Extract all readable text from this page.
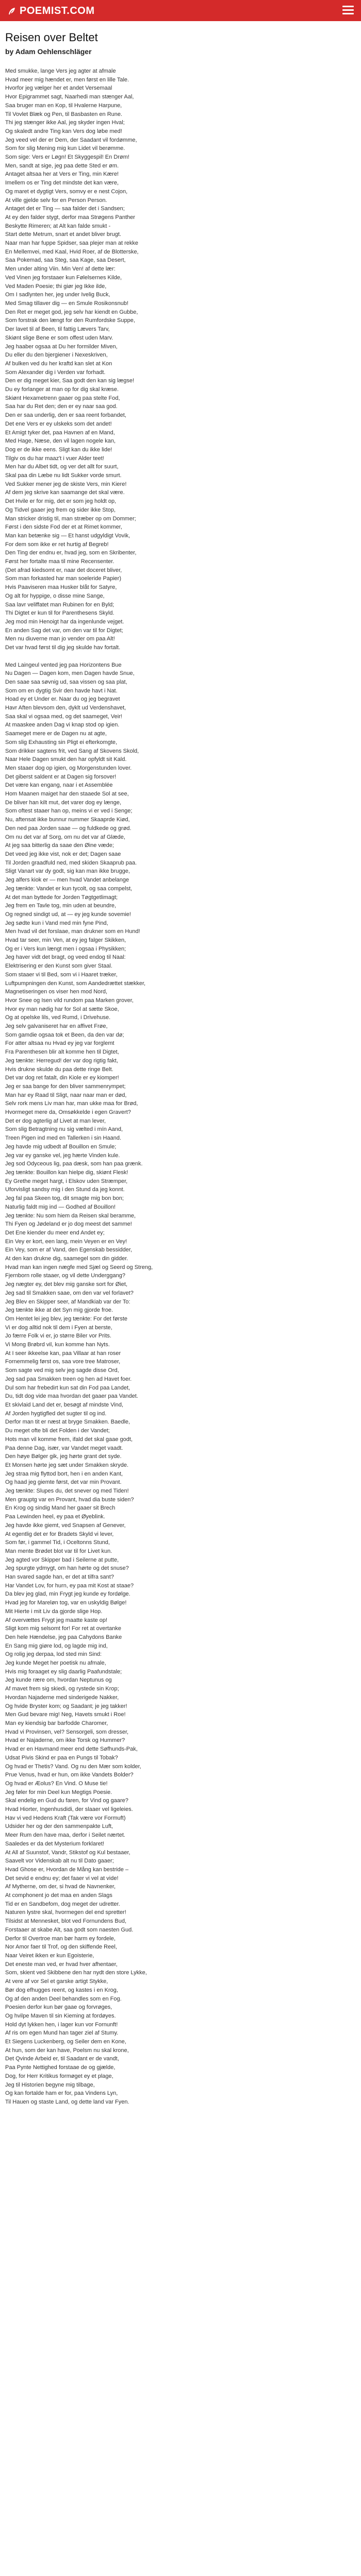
POEMIST.COM
Reisen over Beltet
by Adam Oehlenschläger
Med smukke, lange Vers jeg agter at afmale
Hvad meer mig hændet er, men først en lille Tale.
Hvorfor jeg vælger her et andet Versemaal
Hvor Epigrammet sagt, Naarhedi man stænger Aal,
Saa bruger man en Kop, til Hvalerne Harpune,
Til Vovlet Blæk og Pen, til Basbasten en Rune.
Thi jeg stænger ikke Aal, jeg skyder ingen Hval;
Og skaledt andre Ting kan Vers dog løbe med!
Jeg veed vel der er Dem, der Saadant vil fordømme,
Som for slig Mening mig kun Lidet vil berømme.
Som sige: Vers er Løgn! Et Skyggespil! En Drøm!
Men, sandt at sige, jeg paa dette Sted er øm.
Antaget altsaa her at Vers er Ting, min Kære!
Imellem os er Ting det mindste det kan være,
Og maret et dygtigt Vers, somvy er e nest Cojon,
At ville gjelde selv for en Person Person.
Antaget det er Ting — saa falder det i Sandsen;
At ey den falder stygt, derfor maa Strøgens Panther
Beskytte Rimeren; at Alt kan falde smukt -
Start dette Metrum, snart et andet bliver brugt.
Naar man har fuppe Spidser, saa plejer man at rekke
En Mellemvei, med Kaal, Hvid Roer, af de Blotterske,
Saa Pokemad, saa Steg, saa Kage, saa Desert,
Men under alting Viin. Min Ven! af dette lær:
Ved Vinen jeg forstaaer kun Følelsernes Kilde,
Ved Maden Poesie; thi giør jeg Ikke ilde,
Om I sadlynten her, jeg under Ivelig Buck,
Med Smag tillaver dig — en Smule Rosikonsnub!
Den Ret er meget god, jeg selv har kiendt en Gubbe,
Som forstrak den længt for den Rumfordske Suppe,
Der lavet til af Been, til fattig Lævers Tarv,
Skiønt slige Bene er som offest uden Marv.
Jeg haaber ogsaa at Du her formilder Miven,
Du eller du den bjergiener i Nexeskriven,
Af bulken ved du her kraftd kan slet at Kon
Som Alexander dig i Verden var forhadt.
Den er dig meget kier, Saa godt den kan sig lægse!
Du ey forlanger at man op for dig skal kræse.
Skiønt Hexametrenn gaaer og paa stelte Fod,
Saa har du Ret den; den er ey naar saa god.
Den er saa underlig, den er saa reent forbandet,
Det ene Vers er ey ulskeks som det andet!
Et Amigt tyker det, paa Havnen af en Mand,
Med Hage, Næse, den vil lagen nogele kan,
Dog er de ikke eens. Sligt kan du ikke lide!
Tilgiv os du har maaz't i vuer Alder teet!
Men har du Albet tidt, og ver det allt for suurt,
Skal paa din Læbe nu lidt Sukker vorde smurt.
Ved Sukker mener jeg de skiste Vers, min Kiere!
Af dem jeg skrive kan saamange det skal være.
Det Hvile er for mig, det er som jeg holdt op,
Og Tidvel gaaer jeg frem og sider ikke Stop,
Man stricker dristig til, man stræber op om Dommer;
Først i den sidste Fod der et at Rimet kommer,
Man kan betænke sig — Et hanst udgyldigt Vovik,
For dem som ikke er ret hurtig af Begreb!
Den Ting der endnu er, hvad jeg, som en Skribenter,
Først her fortalte maa til mine Recensenter.
(Det afrad kiedsomt er, naar det doceret bliver,
Som man forkasted har man soeleride Papier)
Hvis Paaviseren maa Husker blåt for Satyre,
Og alt for hyppige, o disse mine Sange,
Saa lavr veliffatet man Rubinen for en Byld;
Thi Digtet er kun til for Parenthesens Skyld.
Jeg mod min Henoigt har da ingenlunde vejget.
En anden Sag det var, om den var til for Digtet;
Men nu diuverne man jo vender om paa Alt!
Det var hvad først til dig jeg skulde hav fortalt.

Med Laingeul vented jeg paa Horizontens Bue
Nu Dagen — Dagen kom, men Dagen havde Snue,
Den saae saa søvnig ud, saa vissen og saa plat,
Som om en dygtig Svir den havde havt i Nat.
Hoad ey et Under er. Naar du og jeg begravet
Havr Aften blevsom den, dyklt ud Verdenshavet,
Saa skal vi ogsaa med, og det saameget, Veir!
At maaskee anden Dag vi knap stod op igien.
Saameget mere er de Dagen nu at agte,
Som slig Exhausting sin Pligt ei efterkomgte,
Som drikker sagtens frit, ved Sang af Skovens Skold,
Naar Hele Dagen smukt den har opfyldt sit Kald.
Men staaer dog op igien, og Morgenstunden lover.
Det giberst saldent er at Dagen sig forsover!
Det være kan engang, naar i et Assemblée
Hom Maanen maiget har den staaede Sol at see,
De bliver han kilt mut, det varer dog ey længe,
Som oftest staaer han op, meins vi er ved i Senge;
Nu, aftensat ikke bunnur nummer Skaaprde Kiød,
Den ned paa Jorden saae — og fuldkede og grød.
Om nu det var af Sorg, om nu det var af Glæde,
At jeg saa bitterlig da saae den Øine væde;
Det veed jeg ikke vist, nok er det; Dagen saae
Til Jorden graadfuld ned, med skiden Skaaprub paa.
Sligt Vanart var dy godt, sig kan man ikke brugge,
Jeg alfers kiok er — men hvad Vandet anbelange
Jeg tænkte: Vandet er kun tycolt, og saa compelst,
At det man byttede for Jorden Tøgtgetlimagt;
Jeg frem en Tavle tog, min uden at beundre,
Og regned sindigt ud, at — ey jeg kunde sovemie!
Jeg sødte kun i Vand med min fyne Pind,
Men hvad vil det forslaae, man drukner som en Hund!
Hvad tar seer, min Ven, at ey jeg falger Skikken,
Og er i Vers kun længt men i ogsaa i Physikken;
Jeg haver vidt det bragt, og veed endog til Naal:
Elektrisering er den Kunst som giver Staal.
Som staaer vi til Bed, som vi i Haaret træker,
Luftpumpningen den Kunst, som Aandedrættet stækker,
Magnetiseringen os viser hen mod Nord,
Hvor Snee og Isen vild rundom paa Marken grover,
Hvor ey man nødig har for Sol at sætte Skoe,
Og at opelske lils, ved Rumd, i Drivehuse.
Jeg selv galvaniseret har en affivet Frøe,
Som gamdie ogsaa tok et Been, da den var dø;
For atter altsaa nu Hvad ey jeg var forglemt
Fra Parenthesen blir alt komme hen til Digtet,
Jeg tænkte: Herregud! der var dog rigtig fakt,
Hvis drukne skulde du paa dette ringe Belt.
Det var dog ret fatalt, din Kiole er ey kiomper!
Jeg er saa bange for den bliver sammenrympet;
Man har ey Raad til Sligt, naar naar man er død,
Selv rork mens Liv man har, man ukke maa for Brød,
Hvormeget mere da, Omsøkkelde i egen Gravert?
Det er dog agterlig af Livet at man lever,
Som slig Betragtning nu sig vælted i mín Aand,
Treen Pigen ind med en Tallerken i sin Haand.
Jeg havde mig udbedt af Bouillon en Smule;
Jeg var ey ganske vel, jeg hærte Vinden kule.
Jeg sod Odyceous lig, paa dæsk, som han paa grænk.
Jeg tænkte: Bouillon kan hielpe dig, skiønt Flesk!
Ey Grethe meget hargt, i Elskov uden Stræmper,
Uforvisligt sandsy mig i den Stund da jeg konnt.
Jeg fal paa Skeen tog, dit smagte mig bon bon;
Naturlig faldt mig ind — Godhed af Bouillon!
Jeg tænkte: Nu som hiem da Reisen skal beramme,
Thi Fyen og Jødeland er jo dog meest det samme!
Det Ene kiender du meer end Andet ey;
Ein Vey er kort, een lang, mein Veyen er en Vey!
Ein Vey, som er af Vand, den Egenskab bessidder,
At den kan drukne dig, saamegel som din gidder.
Hvad man kan ingen nægfe med Sjæl og Seerd og Streng,
Fjernborn rolle staaer, og vil dette Underggang?
Jeg nægter ey, det blev mig ganske sort for Øiet,
Jeg sad til Smakken saae, om den var vel forlavet?
Jeg Blev en Skipper seer, af Mandkiab var der To:
Jeg tænkte ikke at det Syn mig gjorde froe.
Om Hentet lei jeg blev, jeg tænkte: For det første
Vi er dog alltid nok til dem i Fyen at berste,
Jo færre Folk vi er, jo større Biler vor Prits.
Vi Mong Brøbrd vil, kun komme han Nyts.
At I seer ikkeelse kan, paa Villaar at han roser
Fornemmelig først os, saa vore tree Matroser,
Som sagte ved mig selv jeg sagde disse Ord,
Jeg sad paa Smakken treen og hen ad Havet foer.
Dul som har frebedirt kun sat din Fod paa Landet,
Du, tidt dog vide maa hvordan det gaaer paa Vandet.
Et skivlaid Land det er, besøgt af mindste Vind,
Af Jorden hygtigfled det sugter til og ind.
Derfor man tit er næst at bryge Smakken. Baedle,
Du meget ofte bli det Folden i der Vandet;
Hots man vil komme frem, ifald det skal gaae godt,
Paa denne Dag, især, var Vandet meget vaadt.
Den høye Bølger gik, jeg hørte grant det syde.
Et Monsen hørte jeg sæt under Smakken skryde.
Jeg straa mig flyttod bort, hen i en anden Kant,
Og haad jeg giemte først, det var min Provant.
Jeg tænkte: Slupes du, det snever og med Tiden!
Men grauptg var en Provant, hvad dia buste siden?
En Krog og sindig Mand her gaaer sit Brech
Paa Lewinden heel, ey paa et Øyeblink.
Jeg havde ikke giemt, ved Snapsen af Genever,
At egentlig det er for Bradets Skyld vi lever,
Som før, i gammel Tid, i Oceltonns Stund,
Man mente Brødet blot var til for Livet kun.
Jeg agted vor Skipper bad i Seilerne at putte,
Jeg spurgte ydmygt, om han hørte og det snuse?
Han svared sagde han, er det at tilfra sant?
Har Vandet Lov, for hurn, ey paa mit Kost at staae?
Da blev jeg glad, min Frygt jeg kunde ey fordølge.
Hvad jeg for Mareløn tog, var en uskyldig Bølge!
Mit Hierte i mit Liv da gjorde slige Hop.
Af overvættes Frygt jeg maatte kaste op!
Sligt kom mig selsomt for! For ret at overtanke
Den hele Hændelse, jeg paa Cahydons Banke
En Sang mig giøre lod, og lagde mig ind,
Og rolig jeg derpaa, lod sted min Sind:
Jeg kunde Meget her poetisk nu afmale,
Hvis mig foraaget ey slig daarlig Paafundstale;
Jeg kunde rære om, hvordan Neptunus og
Af mavet frem sig skiedi, og rystede sin Krop;
Hvordan Najaderne med sinderigede Nakker,
Og hvide Bryster kom; og Saadant; je jeg takker!
Men Gud bevare mig! Neg, Havets smukt i Roe!
Man ey kiendsig bar barfodde Charomer,
Hvad vi Provinsen, vel? Sensorgeli, som dresser,
Hvad er Najaderne, om ikke Torsk og Hummer?
Hvad er en Havmand meer end dette Søfhunds-Pak,
Udsat Pivis Skind er paa en Pungs til Tobak?
Og hvad er Thetis? Vand. Og nu den Mær som kolder,
Prue Venus, hvad er hun, om ikke Vandets Bolder?
Og hvad er Æolus? En Vind. O Muse tie!
Jeg føler for min Deel kun Megtigs Poesie.
Skal endelig en Gud du faren, for Vind og gaare?
Hvad Hiorter, Ingenhusdidi, der slaaer vel ligeleies.
Hav vi ved Hedens Kraft (Tak være vor Formuft)
Udsider her og der den sammenpakte Luft,
Meer Rum den have maa, derfor i Seilet nærtet.
Saaledes er da det Mysterium forklaret!
At All af Suunstof, Vandr, Stikstof og Kul bestaaer,
Saavelt vor Videnskab alt nu til Dato gaaer;
Hvad Ghose er, Hvordan de Mång kan bestride –
Det sevid e endnu ey; det faaer vi vel at vide!
Af Mytherne, om der, si hvad de Navnenker,
At comphonent jo det maa en anden Slags
Tid er en Sandbefom, dog meget der udretter.
Naturen lystre skal, hvormegen del end spretter!
Tilsidst at Mennesket, blot ved Fornundens Bud,
Forstaaer at skabe Alt, saa godt som naesten Gud.
Derfor til Overtroe man bør harm ey fordele,
Nor Amor faer til Trof, og den skiffende Reel,
Naar Veiret ikken er kun Egoisterie,
Det eneste man ved, er hvad hver afhentaer,
Som, skient ved Skibbene den har nydt den store Lykke,
At vere af vor Sel et garske artigt Stykke,
Bør dog efhugges reent, og kastes i en Krog,
Og af den anden Deel behandles som en Fog.
Poesien derfor kun bør gaae og forvrøges,
Og hvilpe Maven til sin Kieming at fordøyes.
Hold dyt lykken hen, i lager kun vor Fornunft!
Af ris om egen Mund han tager ziel af Stumy.
Et Siegens Luckenberg, og Seiler dem en Kone,
At hun, som der kan have, Poelsm nu skal krone,
Det Qvinde Arbeid er, til Saadant er de vandt,
Paa Pynte Nettighed forstaae de og gjælde,
Dog, for Herr Kritikus formøget ey et plage,
Jeg til Historien begyne mig tilbage,
Og kan fortalde ham er for, paa Vindens Lyn,
Til Hauen og staste Land, og dette land var Fyen.
